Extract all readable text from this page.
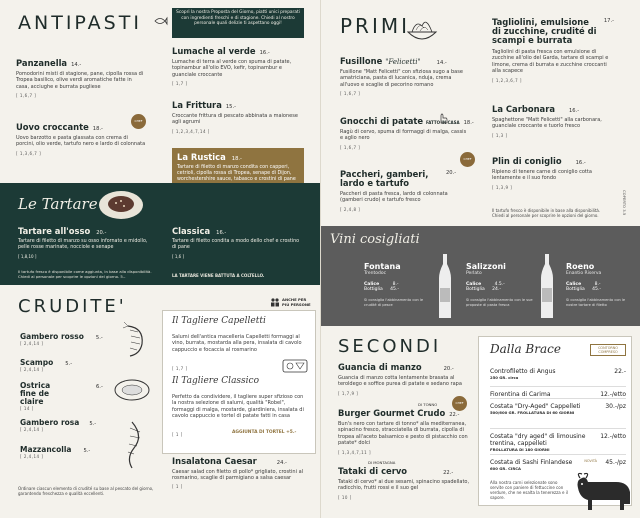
ANTIPASTI
Panzanella 14.-
Pomodorini misti di stagione, pane, cipolla rossa di Tropea basilico, olive verdi aromatiche fatte in casa, acciughe e burrata pugliese
[ 1,6,7 ]
Uovo croccante 18.-
Uovo barzotto e pasta glassata con crema di porcini, olio verde, tartufo nero e lardo di colonnata
[ 1,3,6,7 ]
CHEF
Scopri la nostra Proposta del Giorno, piatti unici preparati con ingredienti freschi e di stagione. Chiedi al nostro personale quali delizie ti aspettano oggi!
Lumache al verde 16.-
Lumache di terra al verde con spuma di patate, topinambur all'olio EVO, kefir, topinambur e guanciale croccante
[ 1,7 ]
La Frittura 15.-
Croccante frittura di pescato abbinata a maionese agli agrumi
[ 1,2,3,4,7,14 ]
La Rustica 18.-
Tartare di filetto di manzo condita con capperi, cetrioli, cipolla rossa di Tropea, senape di Dijon, worchestershire sauce, tabasco e crostini di pane
Le Tartare
Tartare all'osso 20.-
Tartare di filetto di manzo su osso infornato e midollo, pelle rosse marinate, nocciole e senape
[ 1,8,10 ]
Classica 16.-
Tartare di filetto condita a modo dello chef e crostino di pane
[ 1,6 ]
Il tartufo fresco è disponibile come aggiunta, in base alla disponibilità. Chiedi al personale per scoprire le opzioni del giorno. 5.-	LA TARTARE VIENE BATTUTA A COLTELLO.
CRUDITE'	ANCHE PER PIÙ PERSONE
Gambero rosso 5.-
[ 2,4,14 ]
Scampo 5.-
[ 2,4,14 ]
Ostrica fine de claire
[ 14 ]
6.-
Gambero rosa 5.-
[ 2,4,14 ]
Mazzancolla 5.-
[ 2,4,14 ]
Ordinare ciascun elemento di crudité su base al pescato del giorno, garantendo freschezza e qualità eccellenti.
Il Tagliere Capelletti
Salumi dell'antica macelleria Capelletti formaggi al vino, burrata, mostarda alla pera, insalata di cavolo cappuccio e focaccia al rosmarino
[ 1,7 ]
Il Tagliere Classico
Perfetto da condividere, il tagliere super sfizioso con la nostra selezione di salumi, qualità "Robel", formaggi di malga, mostarde, giardiniera, insalata di cavolo cappuccio e tortel di patate fatti in casa
[ 1 ]	AGGIUNTA DI TORTEL +5.-
Insalatona Caesar	24.-
Caesar salad con filetto di pollo* grigliato, crostini al rosmarino, scaglie di parmigiano a salsa caesar
[ 1 ]
PRIMI
Fusillone "Felicetti"	14.-
Fusillone "Matt Felicetti" con sfiziosa sugo a base amatriciana, pasta di lucanica, nduja, crema all'uovo e scaglie di pecorino romano
[ 1,6,7 ]
Gnocchi di patate FATTO IN CASA 18.-
Ragù di cervo, spuma di formaggi di malga, cassis e aglio nero
[ 1,6,7 ]
Paccheri, gamberi, lardo e tartufo
20.-
Paccheri di pasta fresca, lardo di colonnata (gamberi crudo) e tartufo fresco
[ 2,4,8 ]
CHEF
Tagliolini, emulsione di zucchine, crudité di scampi e burrata
17.-
Tagliolini di pasta fresca con emulsione di zucchine all'olio del Garda, tartare di scampi e limone, crema di burrata e zucchine croccanti alla scapece
[ 1,2,3,6,7 ]
La Carbonara	16.-
Spaghettone "Matt Felicetti" alla carbonara, guanciale croccante e tuorlo fresco
[ 1,3 ]
Plin di coniglio	16.-
Ripieno di tenere carne di coniglio cotta lentamente e il suo fondo
[ 1,3,9 ]
Il tartufo fresco è disponibile in base alla disponibilità. Chiedi al personale per scoprire le opzioni del giorno.
COPERTO 3.5
Vini cosigliati
Fontana
Trentodoc
Calice	8.-
Bottiglia 45.-
Si consiglia l'abbinamento con le crudité di pesce
Salizzoni
Perlato
Calice	4.5.-
Bottiglia 24.-
Si consiglia l'abbinamento con le sue proposte di pasta fresca
Roeno
Enantio Riserva
Calice	8.-
Bottiglia 45.-
Si consiglia l'abbinamento con le nostre tartare di filetto
SECONDI
Guancia di manzo	20.-
Guancia di manzo cotta lentamente brasata al teroldego e soffice purea di patate e sedano rapa
[ 1,7,9 ]
DI TONNO
Burger Gourmet Crudo 22.-
Bun's nero con tartare di tonno* alla mediterranea, spinacino fresco, stracciatella di burrata, cipolla di tropea all'aceto balsamico e pesto di pistacchio con patate* dolci
[ 1,3,4,7,11 ]
CHEF
DI MONTAGNA
Tataki di cervo	22.-
Tataki di cervo* ai due sesami, spinacino spadellato, radicchio, frutti rossi e il suo gel
[ 10 ]
Dalla Brace	CONTORNO COMPRESO
Controfiletto di Angus	22.-
250 GR. circa
Fiorentina di Carima	12.-/etto
Costata "Dry-Aged" Cappelleti	30.-/pz
500/600 GR. FROLLATURA DI 60 GIORNI
Costata "dry aged" di limousine trentina, cappelleti
12.-/etto
FROLLATURA DI 180 GIORNI
Costata di Sashi Finlandese	NOVITÀ 45.-/pz
600 GR. CIRCA
Alla nostra carni selezionate sono servite con paniere di fettuccine con verdure, che ne esalta la tenerezza e il sapore.
